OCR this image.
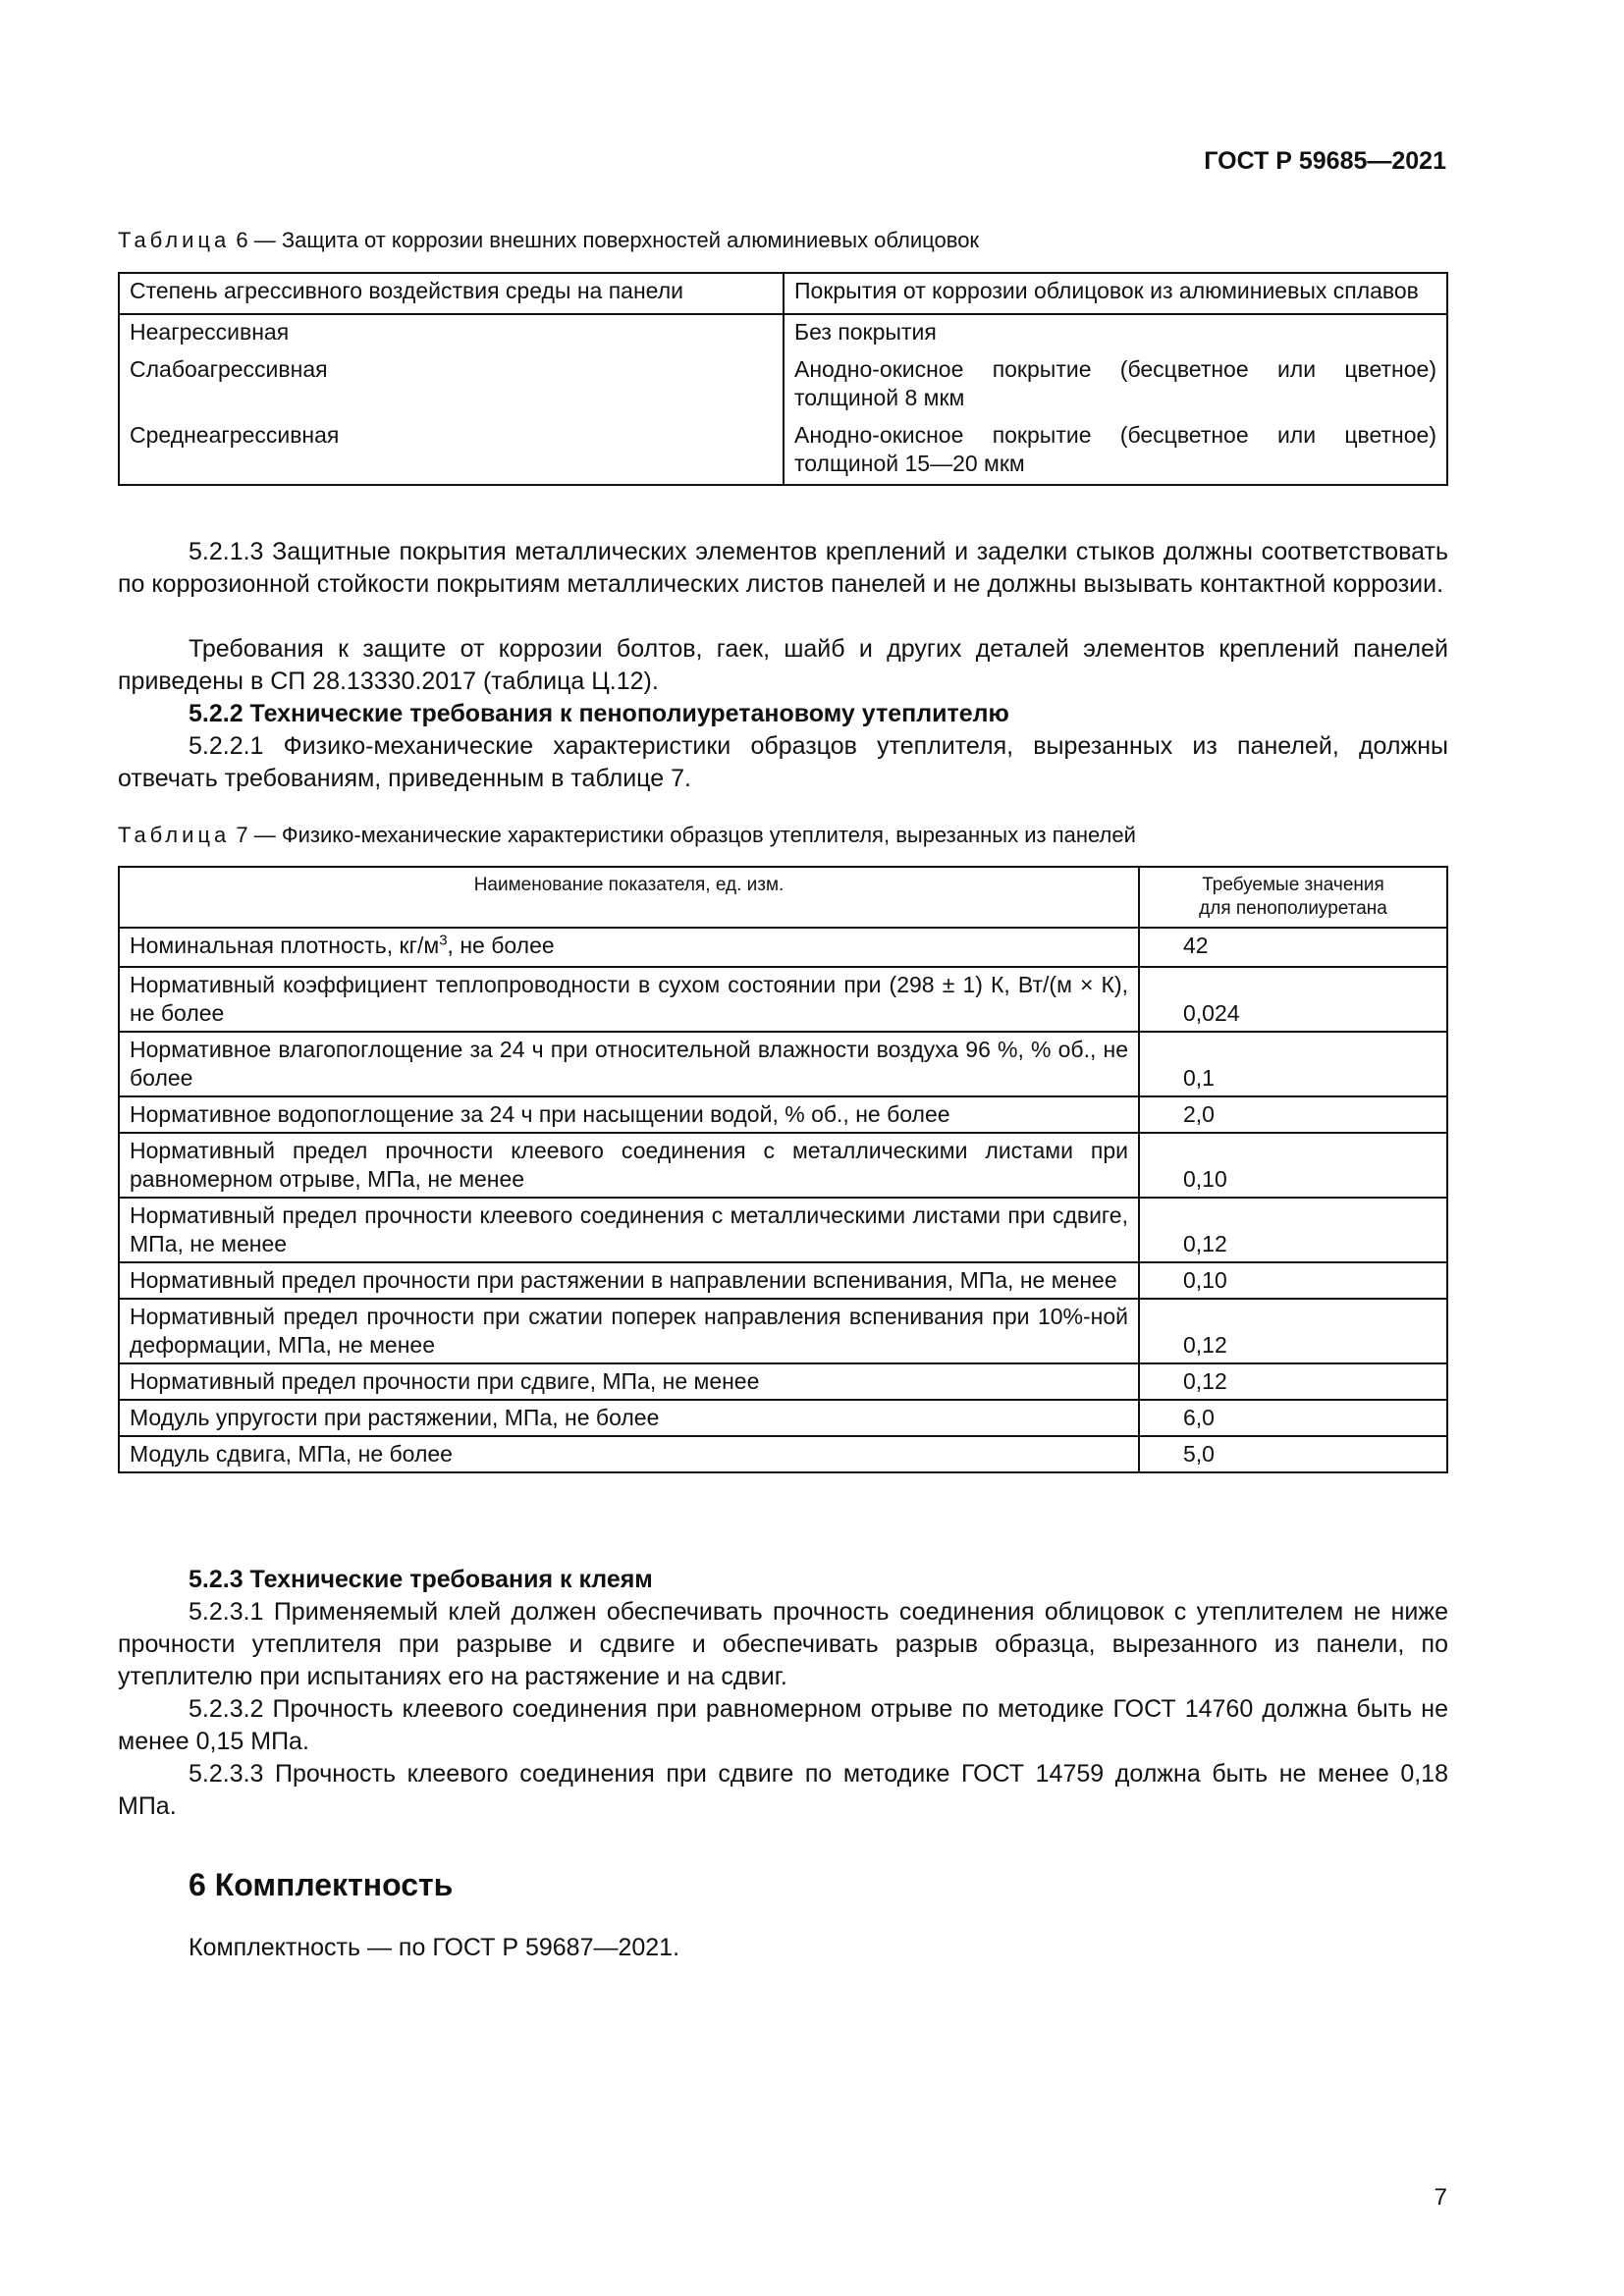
ГОСТ Р 59685—2021
Таблица 6 — Защита от коррозии внешних поверхностей алюминиевых облицовок
Степень агрессивного воздействия среды на панели	Покрытия от коррозии облицовок из алюминиевых сплавов
Неагрессивная	Без покрытия
Слабоагрессивная	Анодно-окисное покрытие (бесцветное или цветное) толщиной 8 мкм
Среднеагрессивная	Анодно-окисное покрытие (бесцветное или цветное) толщиной 15—20 мкм
5.2.1.3 Защитные покрытия металлических элементов креплений и заделки стыков должны соответствовать по коррозионной стойкости покрытиям металлических листов панелей и не должны вызывать контактной коррозии.
Требования к защите от коррозии болтов, гаек, шайб и других деталей элементов креплений панелей приведены в СП 28.13330.2017 (таблица Ц.12).
5.2.2 Технические требования к пенополиуретановому утеплителю
5.2.2.1 Физико-механические характеристики образцов утеплителя, вырезанных из панелей, должны отвечать требованиям, приведенным в таблице 7.
Таблица 7 — Физико-механические характеристики образцов утеплителя, вырезанных из панелей
Наименование показателя, ед. изм.	Требуемые значения
для пенополиуретана

Номинальная плотность, $кг/м^3$, не более	42
Нормативный коэффициент теплопроводности в сухом состоянии при (298 ± 1) К, Вт/(м × К), не более	0,024
Нормативное влагопоглощение за 24 ч при относительной влажности воздуха 96 %, % об., не более	0,1
Нормативное водопоглощение за 24 ч при насыщении водой, % об., не более	2,0
Нормативный предел прочности клеевого соединения с металлическими листами при равномерном отрыве, МПа, не менее	0,10
Нормативный предел прочности клеевого соединения с металлическими листами при сдвиге, МПа, не менее	0,12
Нормативный предел прочности при растяжении в направлении вспенивания, МПа, не менее	0,10
Нормативный предел прочности при сжатии поперек направления вспенивания при 10%-ной деформации, МПа, не менее	0,12
Нормативный предел прочности при сдвиге, МПа, не менее	0,12
Модуль упругости при растяжении, МПа, не более	6,0
Модуль сдвига, МПа, не более	5,0
5.2.3 Технические требования к клеям
5.2.3.1 Применяемый клей должен обеспечивать прочность соединения облицовок с утеплителем не ниже прочности утеплителя при разрыве и сдвиге и обеспечивать разрыв образца, вырезанного из панели, по утеплителю при испытаниях его на растяжение и на сдвиг.
5.2.3.2 Прочность клеевого соединения при равномерном отрыве по методике ГОСТ 14760 должна быть не менее 0,15 МПа.
5.2.3.3 Прочность клеевого соединения при сдвиге по методике ГОСТ 14759 должна быть не менее 0,18 МПа.
6 Комплектность
Комплектность — по ГОСТ Р 59687—2021.
7
